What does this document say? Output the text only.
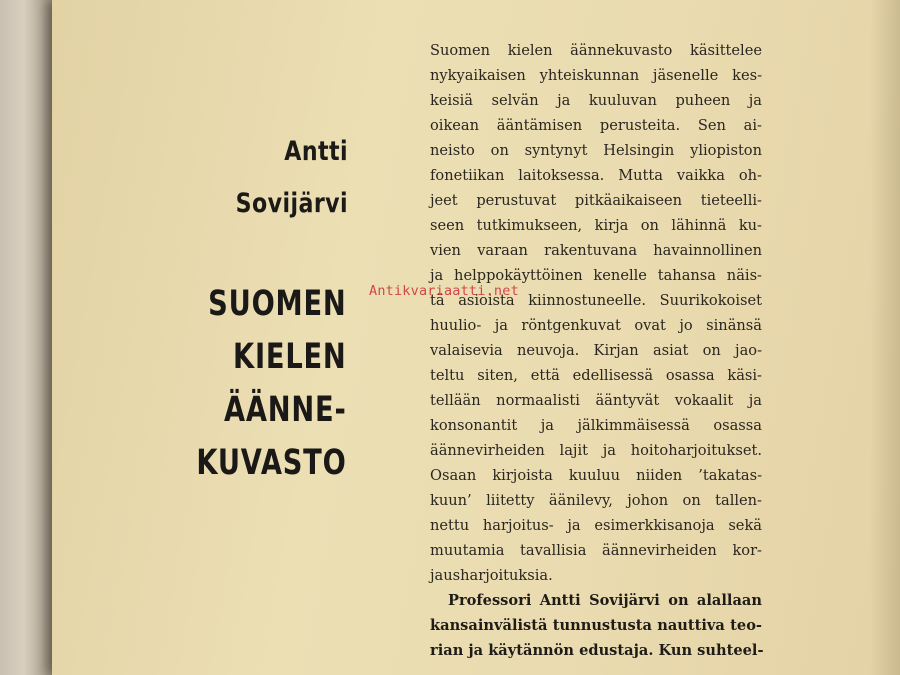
Antti
Sovijärvi
SUOMEN
KIELEN
ÄÄNNE-
KUVASTO

Suomen kielen äännekuvasto käsittelee
nykyaikaisen yhteiskunnan jäsenelle kes-
keisiä selvän ja kuuluvan puheen ja
oikean ääntämisen perusteita. Sen ai-
neisto on syntynyt Helsingin yliopiston
fonetiikan laitoksessa. Mutta vaikka oh-
jeet perustuvat pitkäaikaiseen tieteelli-
seen tutkimukseen, kirja on lähinnä ku-
vien varaan rakentuvana havainnollinen
ja helppokäyttöinen kenelle tahansa näis-
tä asioista kiinnostuneelle. Suurikokoiset
huulio- ja röntgenkuvat ovat jo sinänsä
valaisevia neuvoja. Kirjan asiat on jao-
teltu siten, että edellisessä osassa käsi-
tellään normaalisti ääntyvät vokaalit ja
konsonantit ja jälkimmäisessä osassa
äännevirheiden lajit ja hoitoharjoitukset.
Osaan kirjoista kuuluu niiden ’takatas-
kuun’ liitetty äänilevy, johon on tallen-
nettu harjoitus- ja esimerkkisanoja sekä
muutamia tavallisia äännevirheiden kor-
jausharjoituksia.

Professori Antti Sovijärvi on alallaan
kansainvälistä tunnustusta nauttiva teo-
rian ja käytännön edustaja. Kun suhteel-

Antikvariaatti.net
